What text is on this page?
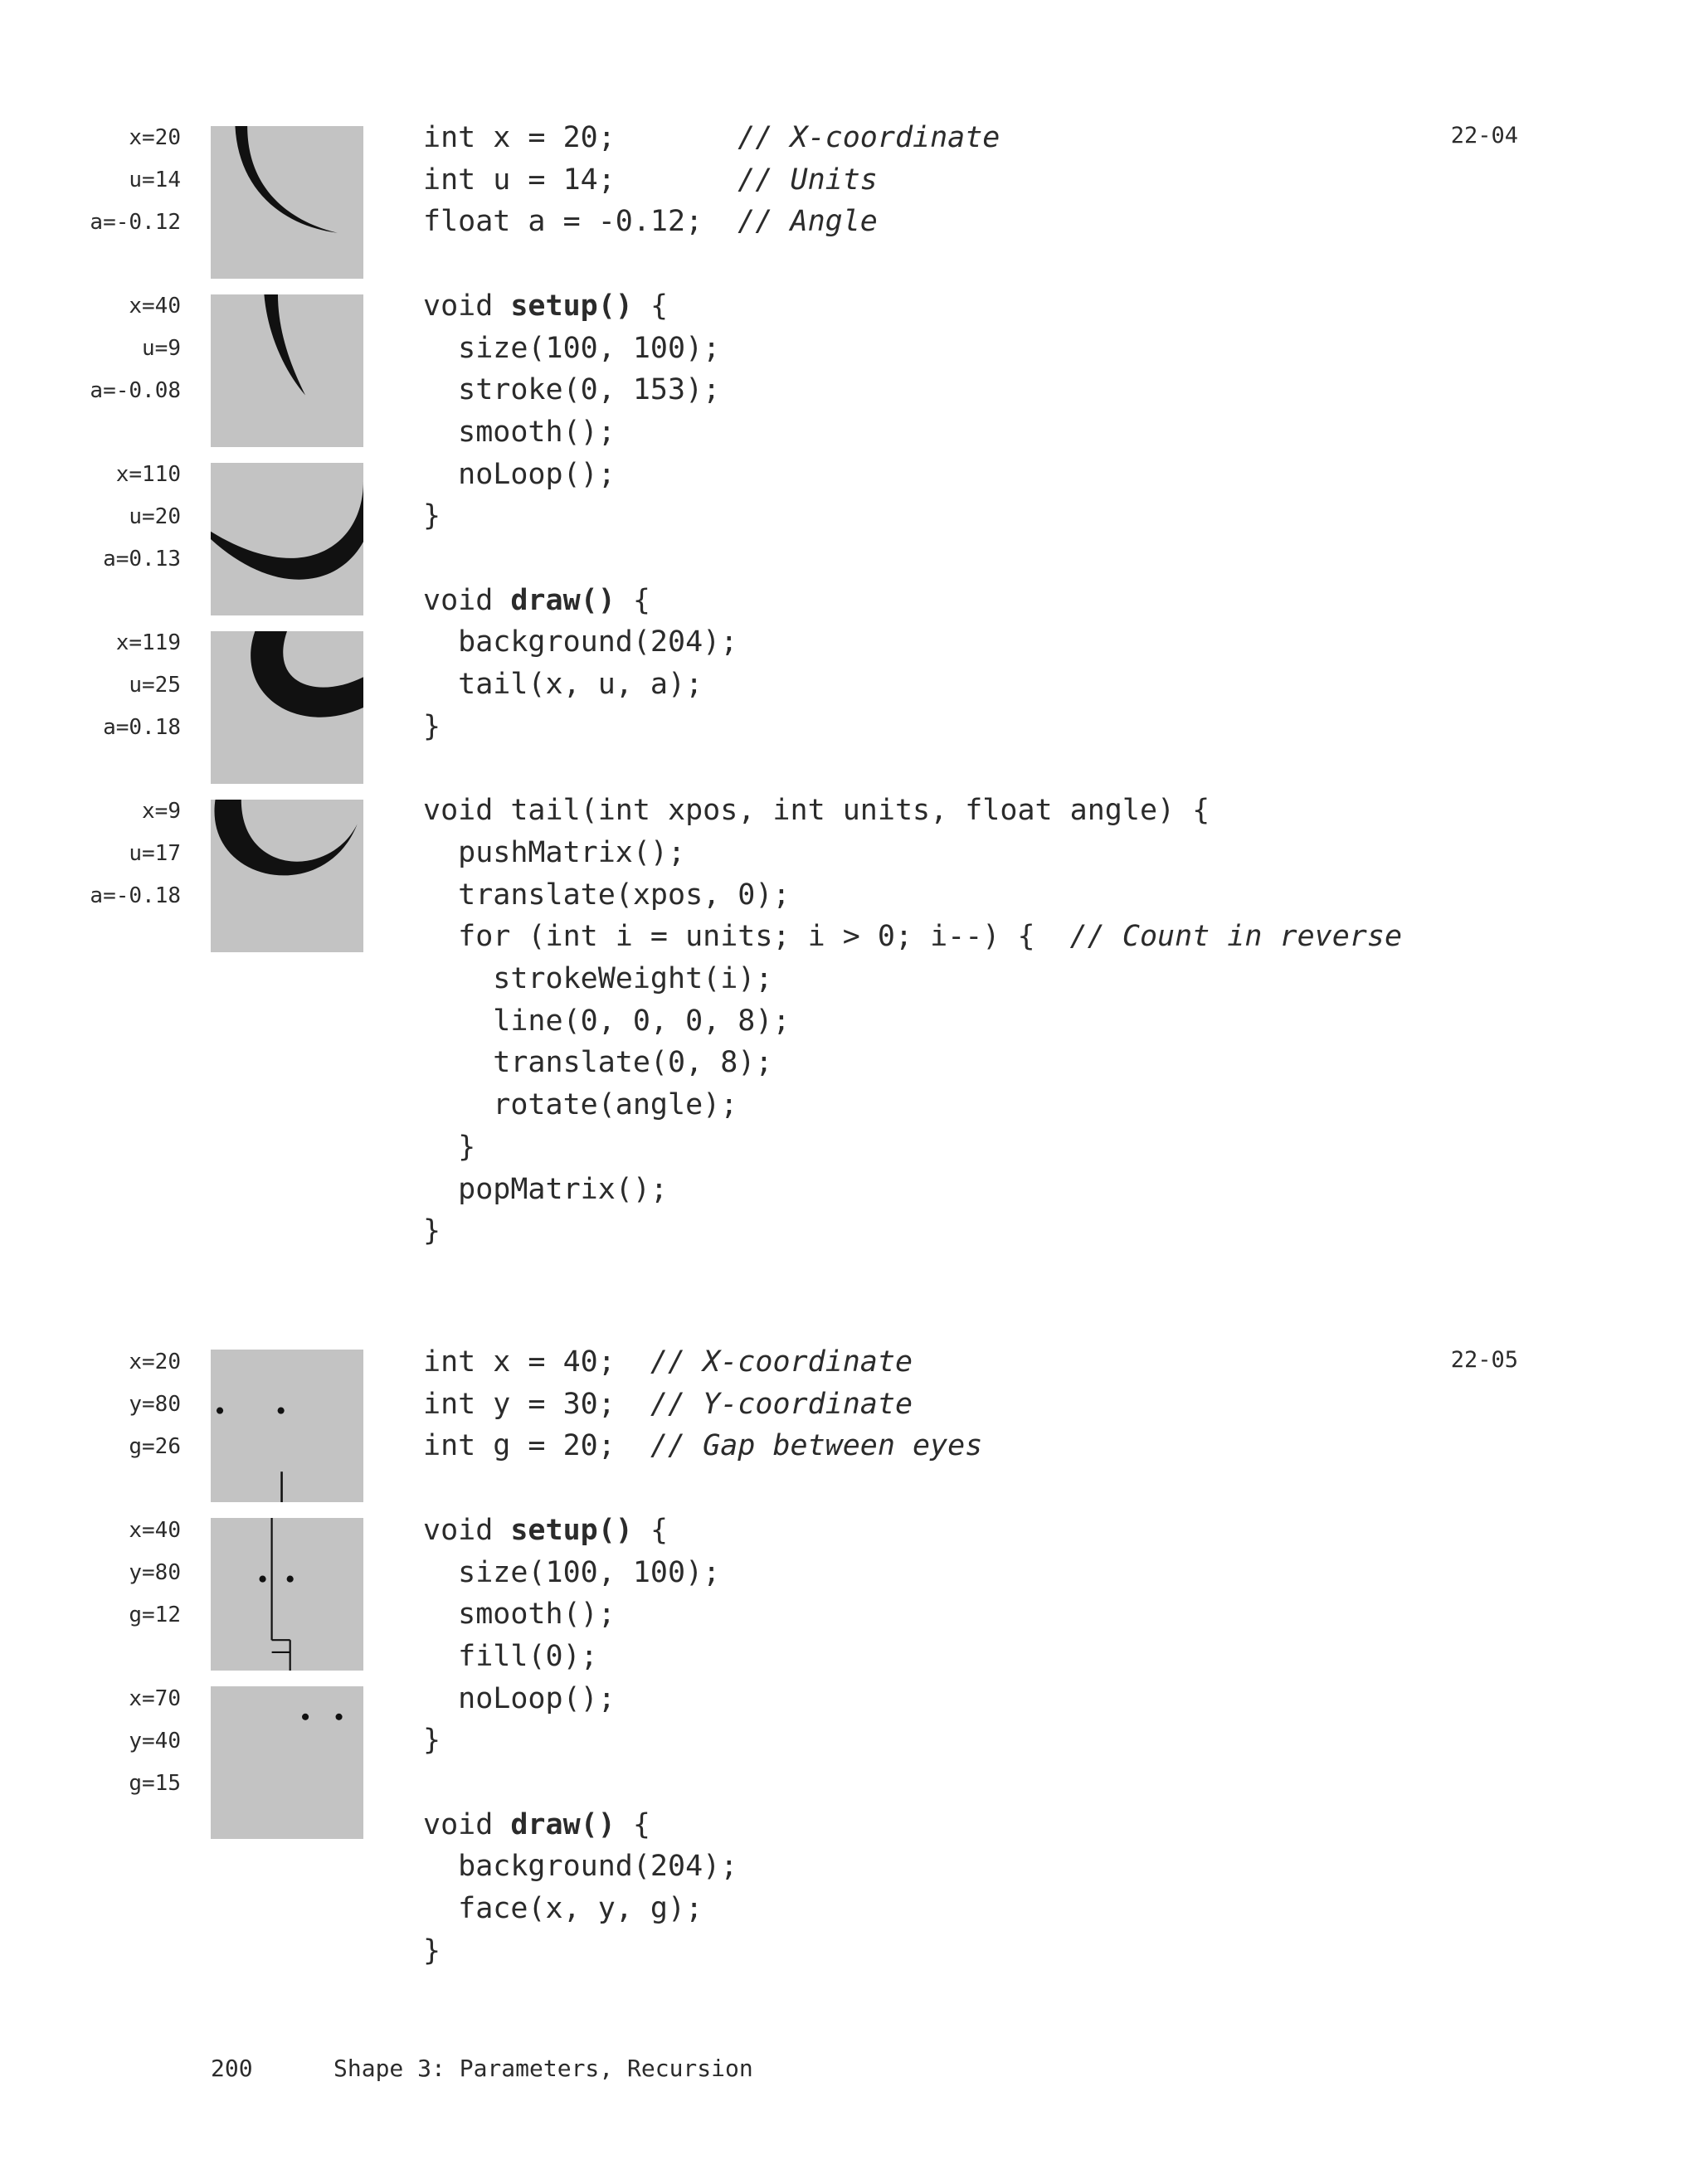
22-04
x=20
u=14
a=-0.12
x=40
u=9
a=-0.08
x=110
u=20
a=0.13
x=119
u=25
a=0.18
x=9
u=17
a=-0.18
int x = 20;       // X-coordinate
int u = 14;       // Units
float a = -0.12;  // Angle

void setup() {
size(100, 100);
stroke(0, 153);
smooth();
noLoop();
}

void draw() {
background(204);
tail(x, u, a);
}

void tail(int xpos, int units, float angle) {
pushMatrix();
translate(xpos, 0);
for (int i = units; i > 0; i--) {  // Count in reverse
strokeWeight(i);
line(0, 0, 0, 8);
translate(0, 8);
rotate(angle);
}
popMatrix();
}
22-05
x=20
y=80
g=26
x=40
y=80
g=12
x=70
y=40
g=15
int x = 40;  // X-coordinate
int y = 30;  // Y-coordinate
int g = 20;  // Gap between eyes

void setup() {
size(100, 100);
smooth();
fill(0);
noLoop();
}

void draw() {
background(204);
face(x, y, g);
}
200	Shape 3: Parameters, Recursion
